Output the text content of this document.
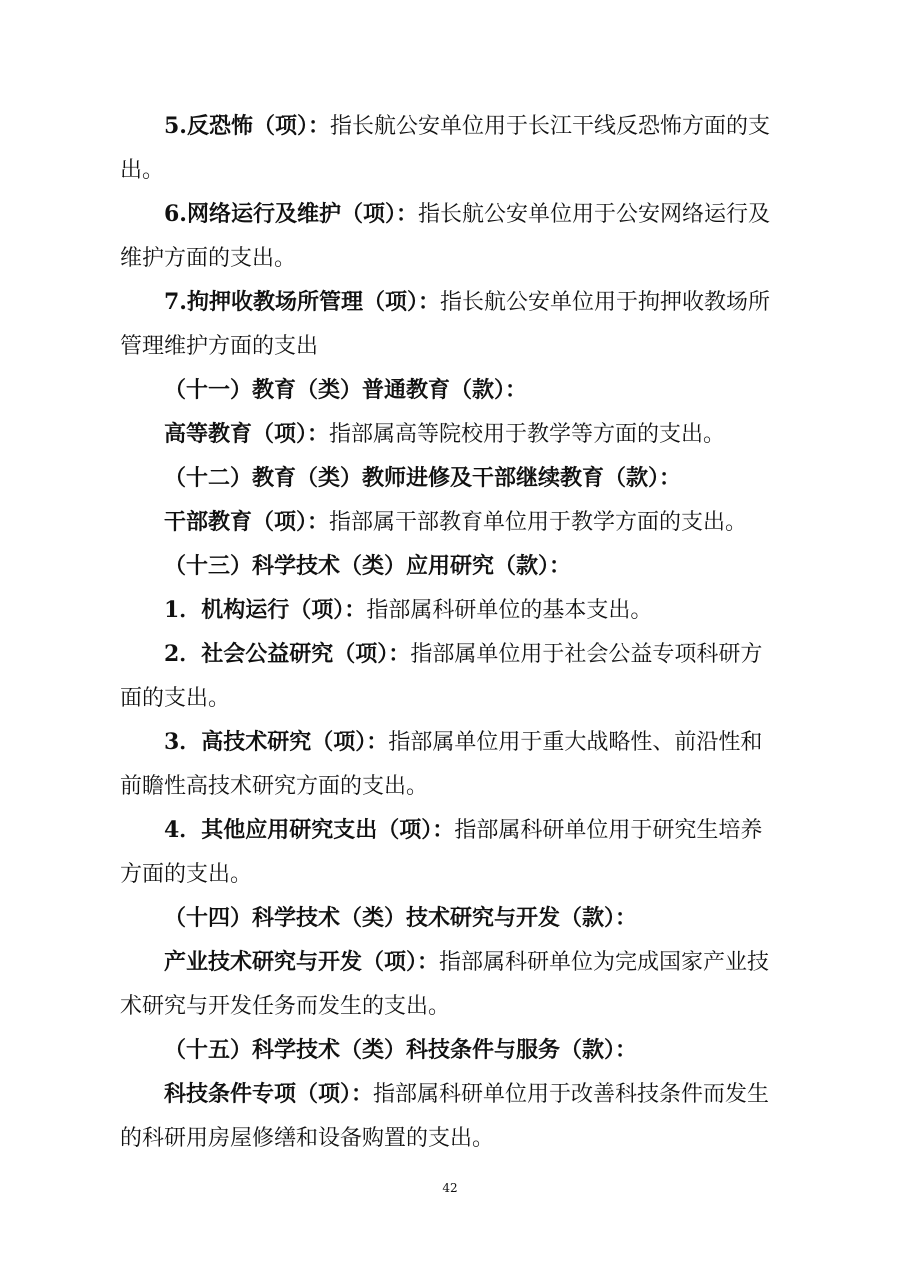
5.反恐怖（项）：指长航公安单位用于长江干线反恐怖方面的支出。

6.网络运行及维护（项）：指长航公安单位用于公安网络运行及维护方面的支出。

7.拘押收教场所管理（项）：指长航公安单位用于拘押收教场所管理维护方面的支出

（十一）教育（类）普通教育（款）：

高等教育（项）：指部属高等院校用于教学等方面的支出。

（十二）教育（类）教师进修及干部继续教育（款）：

干部教育（项）：指部属干部教育单位用于教学方面的支出。

（十三）科学技术（类）应用研究（款）：

1．机构运行（项）：指部属科研单位的基本支出。

2．社会公益研究（项）：指部属单位用于社会公益专项科研方面的支出。

3．高技术研究（项）：指部属单位用于重大战略性、前沿性和前瞻性高技术研究方面的支出。

4．其他应用研究支出（项）：指部属科研单位用于研究生培养方面的支出。

（十四）科学技术（类）技术研究与开发（款）：

产业技术研究与开发（项）：指部属科研单位为完成国家产业技术研究与开发任务而发生的支出。

（十五）科学技术（类）科技条件与服务（款）：

科技条件专项（项）：指部属科研单位用于改善科技条件而发生的科研用房屋修缮和设备购置的支出。

42
